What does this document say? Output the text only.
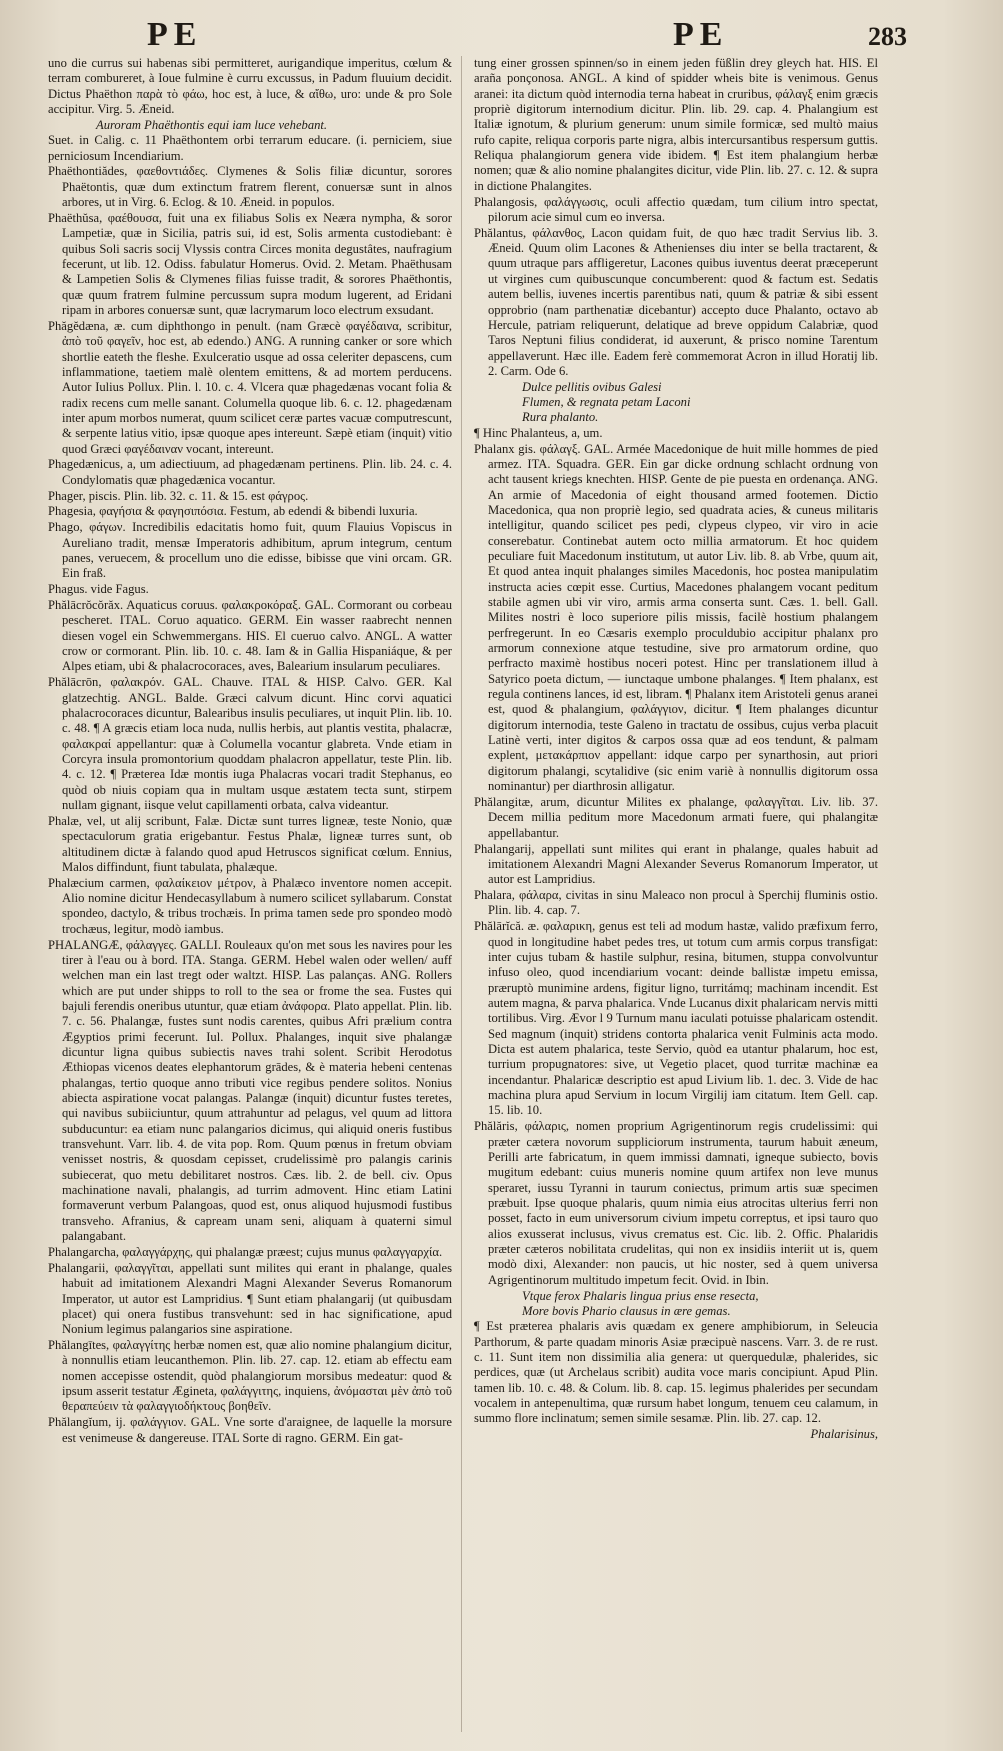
PE	PE	283

uno die currus sui habenas sibi permitteret, aurigandique imperitus, cœlum & terram combureret, à Ioue fulmine è curru excussus, in Padum fluuium decidit. Dictus Phaëthon παρὰ τὸ φάω, hoc est, à luce, & αἴθω, uro: unde & pro Sole accipitur. Virg. 5. Æneid.

Auroram Phaëthontis equi iam luce vehebant.

Suet. in Calig. c. 11 Phaëthontem orbi terrarum educare. (i. perniciem, siue perniciosum Incendiarium.

Phaëthontiădes, φαεθοντιάδες. Clymenes & Solis filiæ dicuntur, sorores Phaëtontis, quæ dum extinctum fratrem flerent, conuersæ sunt in alnos arbores, ut in Virg. 6. Eclog. & 10. Æneid. in populos.

Phaëthŭsa, φαέθουσα, fuit una ex filiabus Solis ex Neæra nympha, & soror Lampetiæ, quæ in Sicilia, patris sui, id est, Solis armenta custodiebant: è quibus Soli sacris socij Vlyssis contra Circes monita degustâtes, naufragium fecerunt, ut lib. 12. Odiss. fabulatur Homerus. Ovid. 2. Metam. Phaëthusam & Lampetien Solis & Clymenes filias fuisse tradit, & sorores Phaëthontis, quæ quum fratrem fulmine percussum supra modum lugerent, ad Eridani ripam in arbores conuersæ sunt, quæ lacrymarum loco electrum exsudant.

Phăgĕdæna, æ. cum diphthongo in penult. (nam Græcè φαγέδαινα, scribitur, ἀπὸ τοῦ φαγεῖν, hoc est, ab edendo.) ANG. A running canker or sore which shortlie eateth the fleshe. Exulceratio usque ad ossa celeriter depascens, cum inflammatione, taetiem malè olentem emittens, & ad mortem perducens. Autor Iulius Pollux. Plin. l. 10. c. 4. Vlcera quæ phagedænas vocant folia & radix recens cum melle sanant. Columella quoque lib. 6. c. 12. phagedænam inter apum morbos numerat, quum scilicet ceræ partes vacuæ computrescunt, & serpente latius vitio, ipsæ quoque apes intereunt. Sæpè etiam (inquit) vitio quod Græci φαγέδαιναν vocant, intereunt.

Phagedænicus, a, um adiectiuum, ad phagedænam pertinens. Plin. lib. 24. c. 4. Condylomatis quæ phagedænica vocantur.

Phager, piscis. Plin. lib. 32. c. 11. & 15. est φάγρος.

Phagesia, φαγήσια & φαγησιπόσια. Festum, ab edendi & bibendi luxuria.

Phago, φάγων. Incredibilis edacitatis homo fuit, quum Flauius Vopiscus in Aureliano tradit, mensæ Imperatoris adhibitum, aprum integrum, centum panes, veruecem, & procellum uno die edisse, bibisse que vini orcam. GR. Ein fraß.

Phagus. vide Fagus.

Phălācrŏcŏrăx. Aquaticus coruus. φαλακροκόραξ. GAL. Cormorant ou corbeau pescheret. ITAL. Coruo aquatico. GERM. Ein wasser raabrecht nennen diesen vogel ein Schwemmergans. HIS. El cueruo calvo. ANGL. A watter crow or cormorant. Plin. lib. 10. c. 48. Iam & in Gallia Hispaniáque, & per Alpes etiam, ubi & phalacrocoraces, aves, Balearium insularum peculiares.

Phălācrōn, φαλακρόν. GAL. Chauve. ITAL & HISP. Calvo. GER. Kal glatzechtig. ANGL. Balde. Græci calvum dicunt. Hinc corvi aquatici phalacrocoraces dicuntur, Balearibus insulis peculiares, ut inquit Plin. lib. 10. c. 48. ¶ A græcis etiam loca nuda, nullis herbis, aut plantis vestita, phalacræ, φαλακραί appellantur: quæ à Columella vocantur glabreta. Vnde etiam in Corcyra insula promontorium quoddam phalacron appellatur, teste Plin. lib. 4. c. 12. ¶ Præterea Idæ montis iuga Phalacras vocari tradit Stephanus, eo quòd ob niuis copiam qua in multam usque æstatem tecta sunt, stirpem nullam gignant, iisque velut capillamenti orbata, calva videantur.

Phalæ, vel, ut alij scribunt, Falæ. Dictæ sunt turres ligneæ, teste Nonio, quæ spectaculorum gratia erigebantur. Festus Phalæ, ligneæ turres sunt, ob altitudinem dictæ à falando quod apud Hetruscos significat cœlum. Ennius, Malos diffindunt, fiunt tabulata, phalæque.

Phalæcium carmen, φαλαίκειον μέτρον, à Phalæco inventore nomen accepit. Alio nomine dicitur Hendecasyllabum à numero scilicet syllabarum. Constat spondeo, dactylo, & tribus trochæis. In prima tamen sede pro spondeo modò trochæus, legitur, modò iambus.

PHALANGÆ, φάλαγγες. GALLI. Rouleaux qu'on met sous les navires pour les tirer à l'eau ou à bord. ITA. Stanga. GERM. Hebel walen oder wellen/ auff welchen man ein last tregt oder waltzt. HISP. Las palanças. ANG. Rollers which are put under shipps to roll to the sea or frome the sea. Fustes qui bajuli ferendis oneribus utuntur, quæ etiam ἀνάφορα. Plato appellat. Plin. lib. 7. c. 56. Phalangæ, fustes sunt nodis carentes, quibus Afri prælium contra Ægyptios primi fecerunt. Iul. Pollux. Phalanges, inquit sive phalangæ dicuntur ligna quibus subiectis naves trahi solent. Scribit Herodotus Æthiopas vicenos deates elephantorum grādes, & è materia hebeni centenas phalangas, tertio quoque anno tributi vice regibus pendere solitos. Nonius abiecta aspiratione vocat palangas. Palangæ (inquit) dicuntur fustes teretes, qui navibus subiiciuntur, quum attrahuntur ad pelagus, vel quum ad littora subducuntur: ea etiam nunc palangarios dicimus, qui aliquid oneris fustibus transvehunt. Varr. lib. 4. de vita pop. Rom. Quum pœnus in fretum obviam venisset nostris, & quosdam cepisset, crudelissimè pro palangis carinis subiecerat, quo metu debilitaret nostros. Cæs. lib. 2. de bell. civ. Opus machinatione navali, phalangis, ad turrim admovent. Hinc etiam Latini formaverunt verbum Palangoas, quod est, onus aliquod hujusmodi fustibus transveho. Afranius, & capream unam seni, aliquam à quaterni simul palangabant.

Phalangarcha, φαλαγγάρχης, qui phalangæ præest; cujus munus φαλαγγαρχία.

Phalangarii, φαλαγγῖται, appellati sunt milites qui erant in phalange, quales habuit ad imitationem Alexandri Magni Alexander Severus Romanorum Imperator, ut autor est Lampridius. ¶ Sunt etiam phalangarij (ut quibusdam placet) qui onera fustibus transvehunt: sed in hac significatione, apud Nonium legimus palangarios sine aspiratione.

Phălangītes, φαλαγγίτης herbæ nomen est, quæ alio nomine phalangium dicitur, à nonnullis etiam leucanthemon. Plin. lib. 27. cap. 12. etiam ab effectu eam nomen accepisse ostendit, quòd phalangiorum morsibus medeatur: quod & ipsum asserit testatur Ægineta, φαλάγγιτης, inquiens, ἀνόμασται μὲν ἀπὸ τοῦ θεραπεύειν τὰ φαλαγγιοδήκτους βοηθεῖν.

Phălangĭum, ij. φαλάγγιον. GAL. Vne sorte d'araignee, de laquelle la morsure est venimeuse & dangereuse. ITAL Sorte di ragno. GERM. Ein gat-

tung einer grossen spinnen/so in einem jeden füßlin drey gleych hat. HIS. El araña ponçonosa. ANGL. A kind of spidder wheis bite is venimous. Genus aranei: ita dictum quòd internodia terna habeat in cruribus, φάλαγξ enim græcis propriè digitorum internodium dicitur. Plin. lib. 29. cap. 4. Phalangium est Italiæ ignotum, & plurium generum: unum simile formicæ, sed multò maius rufo capite, reliqua corporis parte nigra, albis intercursantibus respersum guttis. Reliqua phalangiorum genera vide ibidem. ¶ Est item phalangium herbæ nomen; quæ & alio nomine phalangites dicitur, vide Plin. lib. 27. c. 12. & supra in dictione Phalangites.

Phalangosis, φαλάγγωσις, oculi affectio quædam, tum cilium intro spectat, pilorum acie simul cum eo inversa.

Phălantus, φάλανθος, Lacon quidam fuit, de quo hæc tradit Servius lib. 3. Æneid. Quum olim Lacones & Athenienses diu inter se bella tractarent, & quum utraque pars affligeretur, Lacones quibus iuventus deerat præceperunt ut virgines cum quibuscunque concumberent: quod & factum est. Sedatis autem bellis, iuvenes incertis parentibus nati, quum & patriæ & sibi essent opprobrio (nam parthenatiæ dicebantur) accepto duce Phalanto, octavo ab Hercule, patriam reliquerunt, delatique ad breve oppidum Calabriæ, quod Taros Neptuni filius condiderat, id auxerunt, & prisco nomine Tarentum appellaverunt. Hæc ille. Eadem ferè commemorat Acron in illud Horatij lib. 2. Carm. Ode 6.

Dulce pellitis ovibus Galesi

Flumen, & regnata petam Laconi

Rura phalanto.

¶ Hinc Phalanteus, a, um.

Phalanx gis. φάλαγξ. GAL. Armée Macedonique de huit mille hommes de pied armez. ITA. Squadra. GER. Ein gar dicke ordnung schlacht ordnung von acht tausent kriegs knechten. HISP. Gente de pie puesta en ordenança. ANG. An armie of Macedonia of eight thousand armed footemen. Dictio Macedonica, qua non propriè legio, sed quadrata acies, & cuneus militaris intelligitur, quando scilicet pes pedi, clypeus clypeo, vir viro in acie conserebatur. Continebat autem octo millia armatorum. Et hoc quidem peculiare fuit Macedonum institutum, ut autor Liv. lib. 8. ab Vrbe, quum ait, Et quod antea inquit phalanges similes Macedonis, hoc postea manipulatim instructa acies cœpit esse. Curtius, Macedones phalangem vocant peditum stabile agmen ubi vir viro, armis arma conserta sunt. Cæs. 1. bell. Gall. Milites nostri è loco superiore pilis missis, facilè hostium phalangem perfregerunt. In eo Cæsaris exemplo proculdubio accipitur phalanx pro armorum connexione atque testudine, sive pro armatorum ordine, quo perfracto maximè hostibus noceri potest. Hinc per translationem illud à Satyrico poeta dictum, — iunctaque umbone phalanges. ¶ Item phalanx, est regula continens lances, id est, libram. ¶ Phalanx item Aristoteli genus aranei est, quod & phalangium, φαλάγγιον, dicitur. ¶ Item phalanges dicuntur digitorum internodia, teste Galeno in tractatu de ossibus, cujus verba placuit Latinè verti, inter digitos & carpos ossa quæ ad eos tendunt, & palmam explent, μετακάρπιον appellant: idque carpo per synarthosin, aut priori digitorum phalangi, scytalidive (sic enim variè à nonnullis digitorum ossa nominantur) per diarthrosin alligatur.

Phălangitæ, arum, dicuntur Milites ex phalange, φαλαγγῖται. Liv. lib. 37. Decem millia peditum more Macedonum armati fuere, qui phalangitæ appellabantur.

Phalangarij, appellati sunt milites qui erant in phalange, quales habuit ad imitationem Alexandri Magni Alexander Severus Romanorum Imperator, ut autor est Lampridius.

Phalara, φάλαρα, civitas in sinu Maleaco non procul à Sperchij fluminis ostio. Plin. lib. 4. cap. 7.

Phălārĭcă. æ. φαλαρικη, genus est teli ad modum hastæ, valido præfixum ferro, quod in longitudine habet pedes tres, ut totum cum armis corpus transfigat: inter cujus tubam & hastile sulphur, resina, bitumen, stuppa convolvuntur infuso oleo, quod incendiarium vocant: deinde ballistæ impetu emissa, præruptò munimine ardens, figitur ligno, turritámq; machinam incendit. Est autem magna, & parva phalarica. Vnde Lucanus dixit phalaricam nervis mitti tortilibus. Virg. Ævor l 9 Turnum manu iaculati potuisse phalaricam ostendit. Sed magnum (inquit) stridens contorta phalarica venit Fulminis acta modo. Dicta est autem phalarica, teste Servio, quòd ea utantur phalarum, hoc est, turrium propugnatores: sive, ut Vegetio placet, quod turritæ machinæ ea incendantur. Phalaricæ descriptio est apud Livium lib. 1. dec. 3. Vide de hac machina plura apud Servium in locum Virgilij iam citatum. Item Gell. cap. 15. lib. 10.

Phălăris, φάλαρις, nomen proprium Agrigentinorum regis crudelissimi: qui præter cætera novorum suppliciorum instrumenta, taurum habuit æneum, Perilli arte fabricatum, in quem immissi damnati, igneque subiecto, bovis mugitum edebant: cuius muneris nomine quum artifex non leve munus speraret, iussu Tyranni in taurum coniectus, primum artis suæ specimen præbuit. Ipse quoque phalaris, quum nimia eius atrocitas ulterius ferri non posset, facto in eum universorum civium impetu correptus, et ipsi tauro quo alios exusserat inclusus, vivus crematus est. Cic. lib. 2. Offic. Phalaridis præter cæteros nobilitata crudelitas, qui non ex insidiis interiit ut is, quem modò dixi, Alexander: non paucis, ut hic noster, sed à quem universa Agrigentinorum multitudo impetum fecit. Ovid. in Ibin.

Vtque ferox Phalaris lingua prius ense resecta,

More bovis Phario clausus in ære gemas.

¶ Est præterea phalaris avis quædam ex genere amphibiorum, in Seleucia Parthorum, & parte quadam minoris Asiæ præcipuè nascens. Varr. 3. de re rust. c. 11. Sunt item non dissimilia alia genera: ut querquedulæ, phalerides, sic perdices, quæ (ut Archelaus scribit) audita voce maris concipiunt. Apud Plin. tamen lib. 10. c. 48. & Colum. lib. 8. cap. 15. legimus phalerides per secundam vocalem in antepenultima, quæ rursum habet longum, tenuem ceu calamum, in summo flore inclinatum; semen simile sesamæ. Plin. lib. 27. cap. 12.

Phalarisinus,
